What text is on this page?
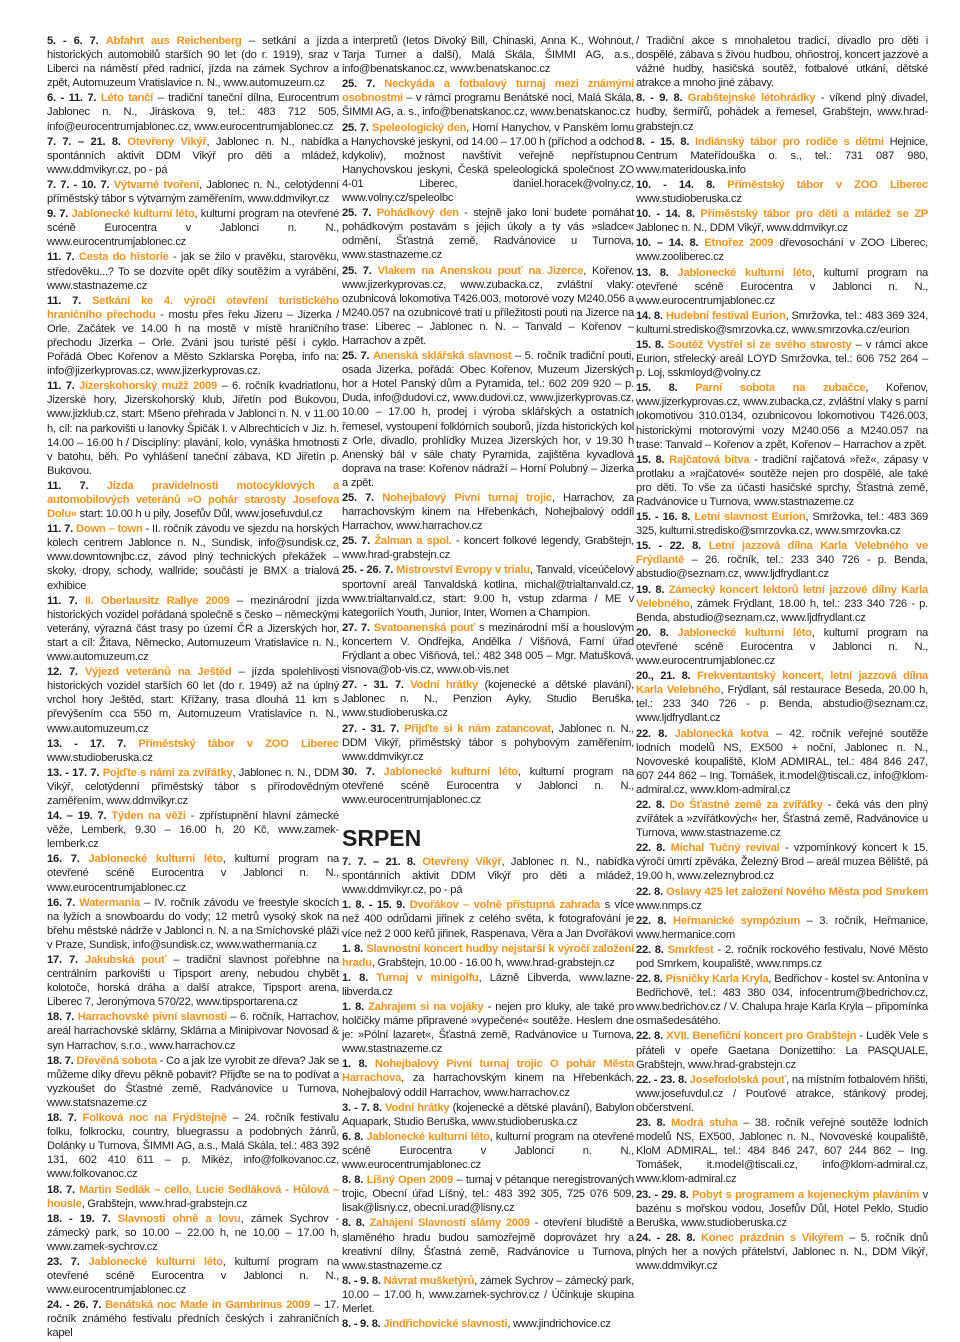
5. - 6. 7. Abfahrt aus Reichenberg – setkání a jízda historických automobilů starších 90 let (do r. 1919), sraz v Liberci na náměstí před radnicí, jízda na zámek Sychrov a zpět, Automuzeum Vratislavice n. N., www.automuzeum.cz

6. - 11. 7. Léto tančí – tradiční taneční dílna, Eurocentrum Jablonec n. N., Jiráskova 9, tel.: 483 712 505, info@eurocentrumjablonec.cz, www.eurocentrumjablonec.cz

7. 7. – 21. 8. Otevřený Vikýř, Jablonec n. N., nabídka spontánních aktivit DDM Vikýř pro děti a mládež, www.ddmvikyr.cz, po - pá

7. 7. - 10. 7. Výtvarné tvoření, Jablonec n. N., celotýdenní příměstský tábor s výtvarným zaměřením, www.ddmvikyr.cz

9. 7. Jablonecké kulturní léto, kulturní program na otevřené scéně Eurocentra v Jablonci n. N., www.eurocentrumjablonec.cz

11. 7. Cesta do historie - jak se žilo v pravěku, starověku, středověku...? To se dozvíte opět díky soutěžím a vyrábění, www.stastnazeme.cz

11. 7. Setkání ke 4. výročí otevření turistického hraničního přechodu - mostu přes řeku Jizeru – Jizerka / Orle. Začátek ve 14.00 h na mostě v místě hraničního přechodu Jizerka – Orle. Zváni jsou turisté pěší i cyklo. Pořádá Obec Kořenov a Město Szklarska Poręba, info na: info@jizerkyprovas.cz, www.jizerkyprovas.cz.

11. 7. Jizerskohorský mužž 2009 – 6. ročník kvadriatlonu, Jizerské hory, Jizerskohorský klub, Jiřetín pod Bukovou, www.jizklub.cz, start: Mšeno přehrada v Jablonci n. N. v 11.00 h, cíl: na parkovišti u lanovky Špičák I. v Albrechticích v Jiz. h. 14.00 – 16.00 h / Disciplíny: plavání, kolo, vynáška hmotnosti v batohu, běh. Po vyhlášení taneční zábava, KD Jiřetín p. Bukovou.

11. 7. Jízda pravidelnosti motocyklových a automobilových veteránů »O pohár starosty Josefova Dolu« start: 10.00 h u pily, Josefův Důl, www.josefuvdul.cz

11. 7. Down – town - II. ročník závodu ve sjezdu na horských kolech centrem Jablonce n. N., Sundisk, info@sundisk.cz, www.downtownjbc.cz, závod plný technických překážek – skoky, dropy, schody, wallride; součástí je BMX a trialová exhibice

11. 7. II. Oberlausitz Rallye 2009 – mezinárodní jízda historických vozidel pořádaná společně s česko – německými veterány, výrazná část trasy po území ČR a Jizerských hor, start a cíl: Žitava, Německo, Automuzeum Vratislavice n. N., www.automuzeum.cz

12. 7. Výjezd veteránů na Ještěd – jízda spolehlivosti historických vozidel starších 60 let (do r. 1949) až na úplný vrchol hory Ještěd, start: Křížany, trasa dlouhá 11 km s převýšením cca 550 m, Automuzeum Vratislavice n. N., www.automuzeum.cz

13. - 17. 7. Příměstský tábor v ZOO Liberec www.studioberuska.cz

13. - 17. 7. Pojďte s námi za zvířátky, Jablonec n. N., DDM Vikýř, celotýdenní příměstský tábor s přírodovědným zaměřením, www.ddmvikyr.cz

14. – 19. 7. Týden na věži - zpřístupnění hlavní zámecké věže, Lemberk, 9.30 – 16.00 h, 20 Kč, www.zamek-lemberk.cz

16. 7. Jablonecké kulturní léto, kulturní program na otevřené scéně Eurocentra v Jablonci n. N., www.eurocentrumjablonec.cz

16. 7. Watermania – IV. ročník závodu ve freestyle skocích na lyžích a snowboardu do vody; 12 metrů vysoký skok na břehu městské nádrže v Jablonci n. N. a na Smíchovské pláži v Praze, Sundisk, info@sundisk.cz, www.wathermania.cz

17. 7. Jakubská pouť – tradiční slavnost pořebhne na centrálním parkovišti u Tipsport areny, nebudou chybět kolotoče, horská dráha a další atrakce, Tipsport arena, Liberec 7, Jeronýmova 570/22, www.tipsportarena.cz

18. 7. Harrachovské pivní slavnosti – 6. ročník, Harrachov, areál harrachovské sklárny, Sklárna a Minipivovar Novosad & syn Harrachov, s.r.o., www.harrachov.cz

18. 7. Dřevěná sobota - Co a jak lze vyrobit ze dřeva? Jak se můžeme díky dřevu pěkně pobavit? Přijďte se na to podívat a vyzkoušet do Šťastné země, Radvánovice u Turnova, www.statsnazeme.cz

18. 7. Folková noc na Frýdštejně – 24. ročník festivalu folku, folkrocku, country, bluegrassu a podobných žánrů, Dolánky u Turnova, ŠIMMI AG, a.s., Malá Skála, tel.: 483 392 131, 602 410 611 – p. Mikéz, info@folkovanoc.cz, www.folkovanoc.cz

18. 7. Martin Sedlák – cello, Lucie Sedláková - Hůlová – housle, Grabštejn, www.hrad-grabstejn.cz

18. - 19. 7. Slavnosti ohně a lovu, zámek Sychrov - zámecký park, so 10.00 – 22.00 h, ne 10.00 – 17.00 h, www.zamek-sychrov.cz

23. 7. Jablonecké kulturní léto, kulturní program na otevřené scéně Eurocentra v Jablonci n. N., www.eurocentrumjablonec.cz

24. - 26. 7. Benátská noc Made in Gambrinus 2009 – 17. ročník známého festivalu předních českých i zahraničních kapel

a interpretů (Ietos Divoký Bill, Chinaski, Anna K., Wohnout, Tarja Turner a další), Malá Skála, ŠIMMI AG, a.s., info@benatskanoc.cz, www.benatskanoc.cz

25. 7. Neckyáda a fotbalový turnaj mezi známými osobnostmi – v rámci programu Benátské noci, Malá Skála, ŠIMMI AG, a. s., info@benatskanoc.cz, www.benatskanoc.cz

25. 7. Speleologický den, Horní Hanychov, v Panském lomu a Hanychovské jeskyni, od 14.00 – 17.00 h (příchod a odchod kdykoliv), možnost navštívit veřejně nepřístupnou Hanychovskou jeskyni, Česká speleologická společnost ZO 4-01 Liberec, daniel.horacek@volny.cz, www.volny.cz/speleolbc

25. 7. Pohádkový den - stejně jako loni budete pomáhat pohádkovým postavám s jejich úkoly a ty vás »sladce« odmění, Šťastná země, Radvánovice u Turnova, www.stastnazeme.cz

25. 7. Vlakem na Anenskou pouť na Jizerce, Kořenov, www.jizerkyprovas.cz, www.zubacka.cz, zvláštní vlaky: ozubnicová lokomotiva T426.003, motorové vozy M240.056 a M240.057 na ozubnicové trati u příležitosti pouti na Jizerce na trase: Liberec – Jablonec n. N. – Tanvald – Kořenov – Harrachov a zpět.

25. 7. Anenská sklářská slavnost – 5. ročník tradiční pouti, osada Jizerka, pořádá: Obec Kořenov, Muzeum Jizerských hor a Hotel Panský dům a Pyramida, tel.: 602 209 920 – p. Duda, info@dudovi.cz, www.dudovi.cz, www.jizerkyprovas.cz, 10.00 – 17.00 h, prodej i výroba sklářských a ostatních řemesel, vystoupení folklórních souborů, jízda historických kol z Orle, divadlo, prohlídky Muzea Jizerských hor, v 19.30 h Anenský bál v sále chaty Pyramida, zajištěna kyvadlová doprava na trase: Kořenov nádraží – Horní Polubný – Jizerka a zpět.

25. 7. Nohejbalový Pivní turnaj trojic, Harrachov, za harrachovským kinem na Hřebenkách, Nohejbalový oddíl Harrachov, www.harrachov.cz

25. 7. Žalman a spol. - koncert folkové legendy, Grabštejn, www.hrad-grabstejn.cz

25. - 26. 7. Mistrovství Evropy v trialu, Tanvald, víceúčelový sportovní areál Tanvaldská kotlina, michal@trialtanvald.cz, www.trialtanvald.cz, start: 9.00 h, vstup zdarma / ME v kategoriích Youth, Junior, Inter, Women a Champion.

27. 7. Svatoanenská pouť s mezinárodní mší a houslovým koncertem V. Ondřejka, Andělka / Višňová, Farní úřad Frýdlant a obec Višňová, tel.: 482 348 005 – Mgr. Matušková, visnova@ob-vis.cz, www.ob-vis.net

27. - 31. 7. Vodní hrátky (kojenecké a dětské plavání), Jablonec n. N., Penzion Ayky, Studio Beruška, www.studioberuska.cz

27. - 31. 7. Přijďte si k nám zatancovat, Jablonec n. N., DDM Vikýř, příměstský tábor s pohybovým zaměřením, www.ddmvikyr.cz

30. 7. Jablonecké kulturní léto, kulturní program na otevřené scéně Eurocentra v Jablonci n. N., www.eurocentrumjablonec.cz

SRPEN

7. 7. – 21. 8. Otevřený Vikýř, Jablonec n. N., nabídka spontánních aktivit DDM Vikýř pro děti a mládež, www.ddmvikyr.cz, po - pá

1. 8. - 15. 9. Dvořákov – volně přístupná zahrada s více než 400 odrůdami jiřinek z celého světa, k fotografování je více než 2 000 keřů jiřinek, Raspenava, Věra a Jan Dvořákovi

1. 8. Slavnostní koncert hudby nejstarší k výročí založení hradu, Grabštejn, 10.00 - 16.00 h, www.hrad-grabstejn.cz

1. 8. Turnaj v minigolfu, Lázně Libverda, www.lazne-libverda.cz

1. 8. Zahrajem si na vojáky - nejen pro kluky, ale také pro holčičky máme připravené »vypečené« soutěže. Heslem dne je: »Pólní lazaret«, Šťastná země, Radvánovice u Turnova, www.stastnazeme.cz

1. 8. Nohejbalový Pivní turnaj trojic O pohár Města Harrachova, za harrachovským kinem na Hřebenkách, Nohejbalový oddíl Harrachov, www.harrachov.cz

3. - 7. 8. Vodní hrátky (kojenecké a dětské plavání), Babylon Aquapark, Studio Beruška, www.studioberuska.cz

6. 8. Jablonecké kulturní léto, kulturní program na otevřené scéně Eurocentra v Jablonci n. N., www.eurocentrumjablonec.cz

8. 8. Líšný Open 2009 – turnaj v pétanque neregistrovaných trojic, Obecní úřad Líšný, tel.: 483 392 305, 725 076 509, lisak@lisny.cz, obecni.urad@lisny.cz

8. 8. Zahájení Slavností slámy 2009 - otevření bludiště a slaměného hradu budou samozřejmě doprovázet hry a kreativní dílny, Šťastná země, Radvánovice u Turnova, www.stastnazeme.cz

8. - 9. 8. Návrat mušketýrů, zámek Sychrov – zámecký park, 10.00 – 17.00 h, www.zamek-sychrov.cz / Účinkuje skupina Merlet.

8. - 9. 8. Jindřichovické slavnosti, www.jindrichovice.cz

/ Tradiční akce s mnohaletou tradicí, divadlo pro děti i dospělé, zábava s živou hudbou, ohňostroj, koncert jazzové a vážné hudby, hasičská soutěž, fotbalové utkání, dětské atrakce a mnoho jiné zábavy.

8. - 9. 8. Grabštejnské létohrádky - víkend plný divadel, hudby, šermířů, pohádek a řemesel, Grabštejn, www.hrad-grabstejn.cz

8. - 15. 8. Indiánský tábor pro rodiče s dětmi Hejnice, Centrum Mateřídouška o. s., tel.: 731 087 980, www.materidouska.info

10. - 14. 8. Příměstský tábor v ZOO Liberec www.studioberuska.cz

10. - 14. 8. Příměstský tábor pro děti a mládež se ZP Jablonec n. N., DDM Vikýř, www.ddmvikyr.cz

10. – 14. 8. Etnořez 2009 dřevosochání v ZOO Liberec, www.zooliberec.cz

13. 8. Jablonecké kulturní léto, kulturní program na otevřené scéně Eurocentra v Jablonci n. N., www.eurocentrumjablonec.cz

14. 8. Hudební festival Eurion, Smržovka, tel.: 483 369 324, kulturni.stredisko@smrzovka.cz, www.smrzovka.cz/eurion

15. 8. Soutěž Vystřel si ze svého starosty – v rámci akce Eurion, střelecký areál LOYD Smržovka, tel.: 606 752 264 – p. Loj, sskmloyd@volny.cz

15. 8. Parní sobota na zubačce, Kořenov, www.jizerkyprovas.cz, www.zubacka.cz, zvláštní vlaky s parní lokomotivou 310.0134, ozubnicovou lokomotivou T426.003, historickými motorovými vozy M240.056 a M240.057 na trase: Tanvald – Kořenov a zpět, Kořenov – Harrachov a zpět.

15. 8. Rajčatová bitva - tradiční rajčatová »řež«, zápasy v protlaku a »rajčatové« soutěže nejen pro dospělé, ale také pro děti. To vše za účasti hasičské sprchy, Šťastná země, Radvánovice u Turnova, www.stastnazeme.cz

15. - 16. 8. Letní slavnost Eurion, Smržovka, tel.: 483 369 325, kulturni.stredisko@smrzovka.cz, www.smrzovka.cz

15. - 22. 8. Letní jazzová dílna Karla Velebného ve Frýdlantě – 26. ročník, tel.: 233 340 726 - p. Benda, abstudio@seznam.cz, www.ljdfrydlant.cz

19. 8. Zámecký koncert lektorů letní jazzové dílny Karla Velebného, zámek Frýdlant, 18.00 h, tel.: 233 340 726 - p. Benda, abstudio@seznam.cz, www.ljdfrydlant.cz

20. 8. Jablonecké kulturní léto, kulturní program na otevřené scéně Eurocentra v Jablonci n. N., www.eurocentrumjablonec.cz

20., 21. 8. Frekventantský koncert, letní jazzová dílna Karla Velebného, Frýdlant, sál restaurace Beseda, 20.00 h, tel.: 233 340 726 - p. Benda, abstudio@seznam.cz, www.ljdfrydlant.cz

22. 8. Jablonecká kotva – 42. ročník veřejné soutěže lodních modelů NS, EX500 + noční, Jablonec n. N., Novoveské koupaliště, KloM ADMIRAL, tel.: 484 846 247, 607 244 862 – Ing. Tomášek, it.model@tiscali.cz, info@klom-admiral.cz, www.klom-admiral.cz

22. 8. Do Šťastné země za zvířátky - čeká vás den plný zvířátek a »zvířátkových« her, Šťastná země, Radvánovice u Turnova, www.stastnazeme.cz

22. 8. Michal Tučný revival - vzpomínkový koncert k 15. výročí úmrtí zpěváka, Železný Brod – areál muzea Běliště, pá 19.00 h, www.zeleznybrod.cz

22. 8. Oslavy 425 let založení Nového Města pod Smrkem www.nmps.cz

22. 8. Heřmanické sympózium – 3. ročník, Heřmanice, www.hermanice.com

22. 8. Smrkfest - 2. ročník rockového festivalu, Nové Město pod Smrkem, koupaliště, www.nmps.cz

22. 8. Písničky Karla Kryla, Bedřichov - kostel sv. Antonína v Bedřichově, tel.: 483 380 034, infocentrum@bedrichov.cz, www.bedrichov.cz / V. Chalupa hraje Karla Kryla – připomínka osmašedesátého.

22. 8. XVII. Benefiční koncert pro Grabštejn - Luděk Vele s přáteli v opeře Gaetana Donizettiho: La PASQUALE, Grabštejn, www.hrad-grabstejn.cz

22. - 23. 8. Josefodolská pouť, na místním fotbalovém hřišti, www.josefuvdul.cz / Pouťové atrakce, stánkový prodej, občerstvení.

23. 8. Modrá stuha – 38. ročník veřejné soutěže lodních modelů NS, EX500, Jablonec n. N., Novoveské koupaliště, KloM ADMIRAL, tel.: 484 846 247, 607 244 862 – Ing. Tomášek, it.model@tiscali.cz, info@klom-admiral.cz, www.klom-admiral.cz

23. - 29. 8. Pobyt s programem a kojeneckým plaváním v bazénu s mořskou vodou, Josefův Důl, Hotel Peklo, Studio Beruška, www.studioberuska.cz

24. - 28. 8. Konec prázdnin s Vikýřem – 5. ročník dnů plných her a nových přátelství, Jablonec n. N., DDM Vikýř, www.ddmvikyr.cz
